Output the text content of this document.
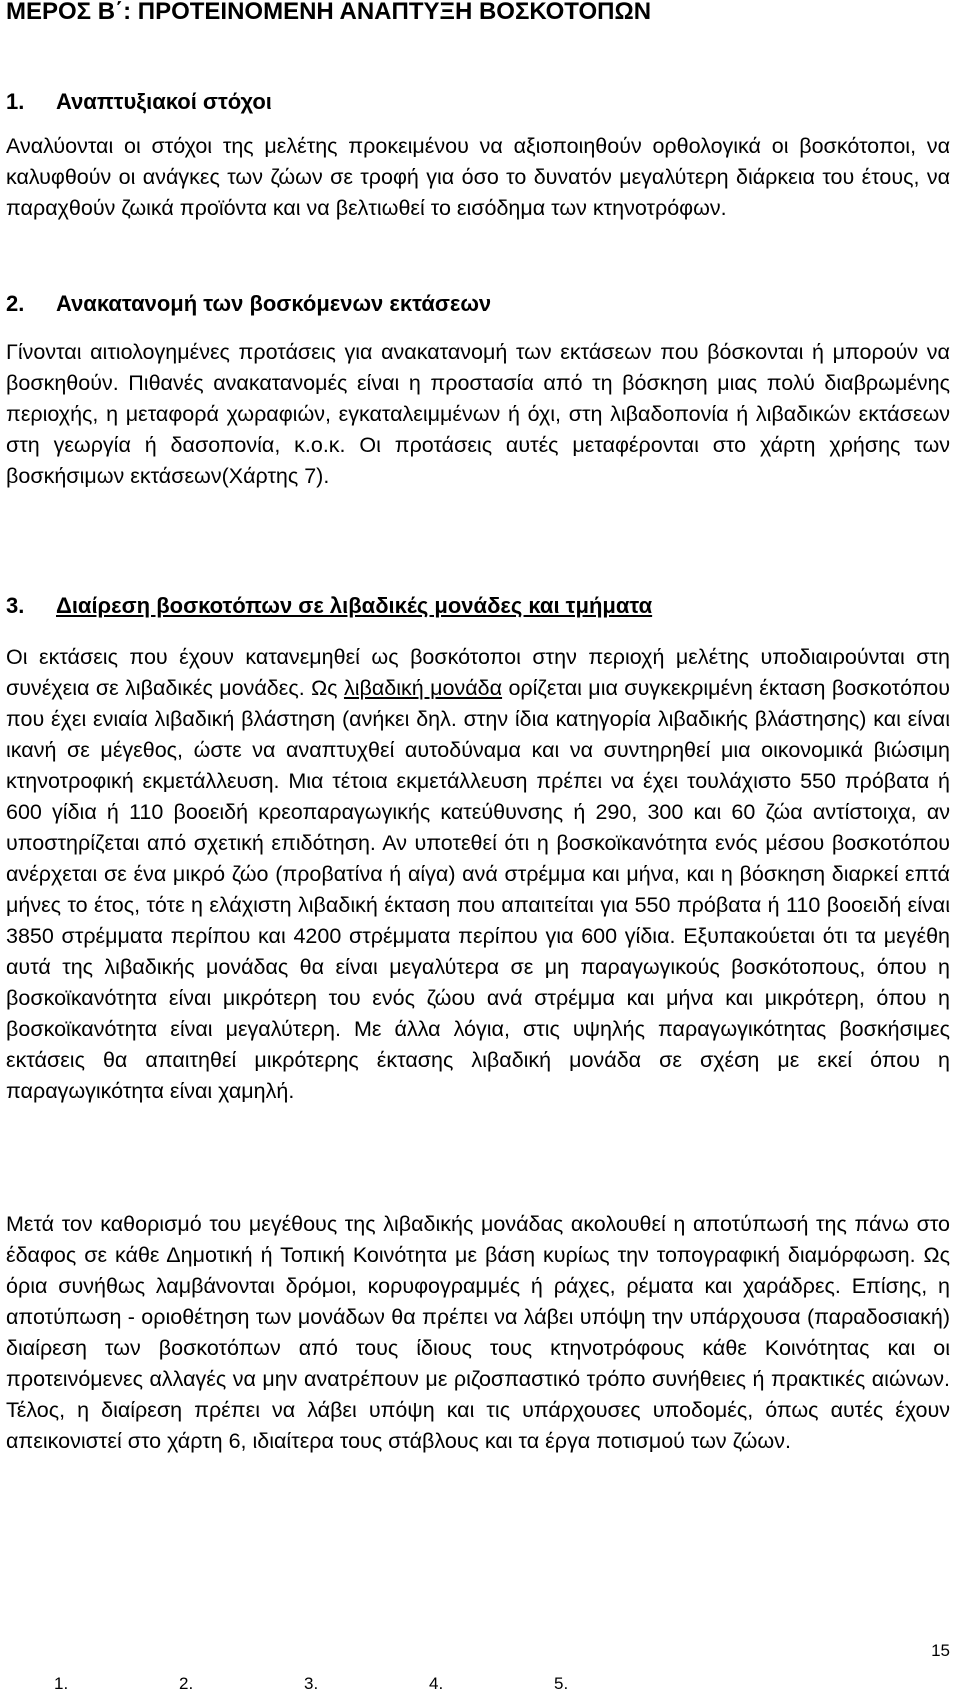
ΜΕΡΟΣ Β΄: ΠΡΟΤΕΙΝΟΜΕΝΗ ΑΝΑΠΤΥΞΗ ΒΟΣΚΟΤΟΠΩΝ
1. Αναπτυξιακοί στόχοι

Αναλύονται οι στόχοι της μελέτης προκειμένου να αξιοποιηθούν ορθολογικά οι βοσκότοποι, να καλυφθούν οι ανάγκες των ζώων σε τροφή για όσο το δυνατόν μεγαλύτερη διάρκεια του έτους, να παραχθούν ζωικά προϊόντα και να βελτιωθεί το εισόδημα των κτηνοτρόφων.

2. Ανακατανομή των βοσκόμενων εκτάσεων

Γίνονται αιτιολογημένες προτάσεις για ανακατανομή των εκτάσεων που βόσκονται ή μπορούν να βοσκηθούν. Πιθανές ανακατανομές είναι η προστασία από τη βόσκηση μιας πολύ διαβρωμένης περιοχής, η μεταφορά χωραφιών, εγκαταλειμμένων ή όχι, στη λιβαδοπονία ή λιβαδικών εκτάσεων στη γεωργία ή δασοπονία, κ.ο.κ. Οι προτάσεις αυτές μεταφέρονται στο χάρτη χρήσης των βοσκήσιμων εκτάσεων(Χάρτης 7).

3. Διαίρεση βοσκοτόπων σε λιβαδικές μονάδες και τμήματα

Οι εκτάσεις που έχουν κατανεμηθεί ως βοσκότοποι στην περιοχή μελέτης υποδιαιρούνται στη συνέχεια σε λιβαδικές μονάδες. Ως λιβαδική μονάδα ορίζεται μια συγκεκριμένη έκταση βοσκοτόπου που έχει ενιαία λιβαδική βλάστηση (ανήκει δηλ. στην ίδια κατηγορία λιβαδικής βλάστησης) και είναι ικανή σε μέγεθος, ώστε να αναπτυχθεί αυτοδύναμα και να συντηρηθεί μια οικονομικά βιώσιμη κτηνοτροφική εκμετάλλευση. Μια τέτοια εκμετάλλευση πρέπει να έχει τουλάχιστο 550 πρόβατα ή 600 γίδια ή 110 βοοειδή κρεοπαραγωγικής κατεύθυνσης ή 290, 300 και 60 ζώα αντίστοιχα, αν υποστηρίζεται από σχετική επιδότηση. Αν υποτεθεί ότι η βοσκοϊκανότητα ενός μέσου βοσκοτόπου ανέρχεται σε ένα μικρό ζώο (προβατίνα ή αίγα) ανά στρέμμα και μήνα, και η βόσκηση διαρκεί επτά μήνες το έτος, τότε η ελάχιστη λιβαδική έκταση που απαιτείται για 550 πρόβατα ή 110 βοοειδή είναι 3850 στρέμματα περίπου και 4200 στρέμματα περίπου για 600 γίδια. Εξυπακούεται ότι τα μεγέθη αυτά της λιβαδικής μονάδας θα είναι μεγαλύτερα σε μη παραγωγικούς βοσκότοπους, όπου η βοσκοϊκανότητα είναι μικρότερη του ενός ζώου ανά στρέμμα και μήνα και μικρότερη, όπου η βοσκοϊκανότητα είναι μεγαλύτερη. Με άλλα λόγια, στις υψηλής παραγωγικότητας βοσκήσιμες εκτάσεις θα απαιτηθεί μικρότερης έκτασης λιβαδική μονάδα σε σχέση με εκεί όπου η παραγωγικότητα είναι χαμηλή.

Μετά τον καθορισμό του μεγέθους της λιβαδικής μονάδας ακολουθεί η αποτύπωσή της πάνω στο έδαφος σε κάθε Δημοτική ή Τοπική Κοινότητα με βάση κυρίως την τοπογραφική διαμόρφωση. Ως όρια συνήθως λαμβάνονται δρόμοι, κορυφογραμμές ή ράχες, ρέματα και χαράδρες. Επίσης, η αποτύπωση - οριοθέτηση των μονάδων θα πρέπει να λάβει υπόψη την υπάρχουσα (παραδοσιακή) διαίρεση των βοσκοτόπων από τους ίδιους τους κτηνοτρόφους κάθε Κοινότητας και οι προτεινόμενες αλλαγές να μην ανατρέπουν με ριζοσπαστικό τρόπο συνήθειες ή πρακτικές αιώνων. Τέλος, η διαίρεση πρέπει να λάβει υπόψη και τις υπάρχουσες υποδομές, όπως αυτές έχουν απεικονιστεί στο χάρτη 6, ιδιαίτερα τους στάβλους και τα έργα ποτισμού των ζώων.

15
1.	2.	3.	4.	5.
